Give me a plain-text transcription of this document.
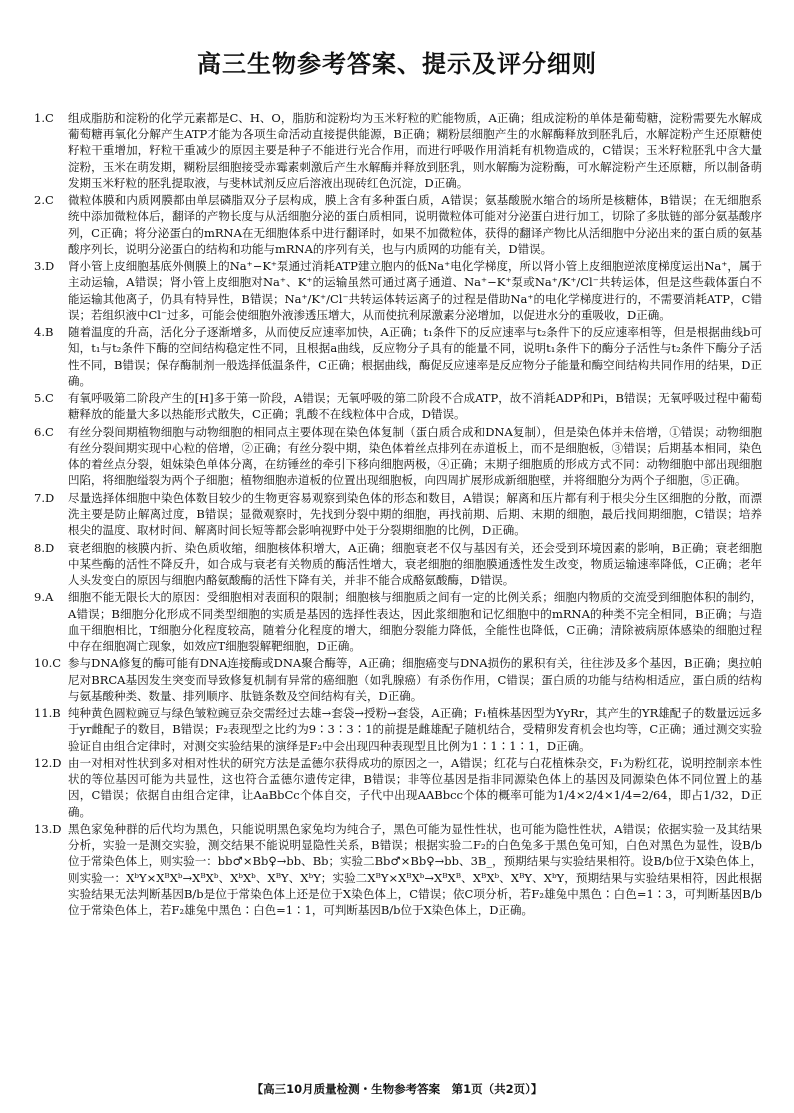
高三生物参考答案、提示及评分细则
1.C 组成脂肪和淀粉的化学元素都是C、H、O，脂肪和淀粉均为玉米籽粒的贮能物质，A正确；组成淀粉的单体是葡萄糖，淀粉需要先水解成葡萄糖再氧化分解产生ATP才能为各项生命活动直接提供能源，B正确；糊粉层细胞产生的水解酶释放到胚乳后，水解淀粉产生还原糖使籽粒干重增加，籽粒干重减少的原因主要是种子不能进行光合作用，而进行呼吸作用消耗有机物造成的，C错误；玉米籽粒胚乳中含大量淀粉，玉米在萌发期，糊粉层细胞接受赤霉素刺激后产生水解酶并释放到胚乳，则水解酶为淀粉酶，可水解淀粉产生还原糖，所以制备萌发期玉米籽粒的胚乳提取液，与斐林试剂反应后溶液出现砖红色沉淀，D正确。
2.C 微粒体膜和内质网膜都由单层磷脂双分子层构成，膜上含有多种蛋白质，A错误；氨基酸脱水缩合的场所是核糖体，B错误；在无细胞系统中添加微粒体后，翻译的产物长度与从活细胞分泌的蛋白质相同，说明微粒体可能对分泌蛋白进行加工，切除了多肽链的部分氨基酸序列，C正确；将分泌蛋白的mRNA在无细胞体系中进行翻译时，如果不加微粒体，获得的翻译产物比从活细胞中分泌出来的蛋白质的氨基酸序列长，说明分泌蛋白的结构和功能与mRNA的序列有关，也与内质网的功能有关，D错误。
3.D 肾小管上皮细胞基底外侧膜上的Na⁺−K⁺泵通过消耗ATP建立胞内的低Na⁺电化学梯度，所以肾小管上皮细胞逆浓度梯度运出Na⁺，属于主动运输，A错误；肾小管上皮细胞对Na⁺、K⁺的运输虽然可通过离子通道、Na⁺−K⁺泵或Na⁺/K⁺/Cl⁻共转运体，但是这些载体蛋白不能运输其他离子，仍具有特异性，B错误；Na⁺/K⁺/Cl⁻共转运体转运离子的过程是借助Na⁺的电化学梯度进行的，不需要消耗ATP，C错误；若组织液中Cl⁻过多，可能会使细胞外液渗透压增大，从而使抗利尿激素分泌增加，以促进水分的重吸收，D正确。
4.B 随着温度的升高，活化分子逐渐增多，从而使反应速率加快，A正确；t₁条件下的反应速率与t₂条件下的反应速率相等，但是根据曲线b可知，t₁与t₂条件下酶的空间结构稳定性不同，且根据a曲线，反应物分子具有的能量不同，说明t₁条件下的酶分子活性与t₂条件下酶分子活性不同，B错误；保存酶制剂一般选择低温条件，C正确；根据曲线，酶促反应速率是反应物分子能量和酶空间结构共同作用的结果，D正确。
5.C 有氧呼吸第二阶段产生的[H]多于第一阶段，A错误；无氧呼吸的第二阶段不合成ATP，故不消耗ADP和Pi，B错误；无氧呼吸过程中葡萄糖释放的能量大多以热能形式散失，C正确；乳酸不在线粒体中合成，D错误。
6.C 有丝分裂间期植物细胞与动物细胞的相同点主要体现在染色体复制（蛋白质合成和DNA复制），但是染色体并未倍增，①错误；动物细胞有丝分裂间期实现中心粒的倍增，②正确；有丝分裂中期，染色体着丝点排列在赤道板上，而不是细胞板，③错误；后期基本相同，染色体的着丝点分裂，姐妹染色单体分离，在纺锤丝的牵引下移向细胞两极，④正确；末期子细胞质的形成方式不同：动物细胞中部出现细胞凹陷，将细胞缢裂为两个子细胞；植物细胞赤道板的位置出现细胞板，向四周扩展形成新细胞壁，并将细胞分为两个子细胞，⑤正确。
7.D 尽量选择体细胞中染色体数目较少的生物更容易观察到染色体的形态和数目，A错误；解离和压片都有利于根尖分生区细胞的分散，而漂洗主要是防止解离过度，B错误；显微观察时，先找到分裂中期的细胞，再找前期、后期、末期的细胞，最后找间期细胞，C错误；培养根尖的温度、取材时间、解离时间长短等都会影响视野中处于分裂期细胞的比例，D正确。
8.D 衰老细胞的核膜内折、染色质收缩，细胞核体积增大，A正确；细胞衰老不仅与基因有关，还会受到环境因素的影响，B正确；衰老细胞中某些酶的活性不降反升，如合成与衰老有关物质的酶活性增大，衰老细胞的细胞膜通透性发生改变，物质运输速率降低，C正确；老年人头发变白的原因与细胞内酪氨酸酶的活性下降有关，并非不能合成酪氨酸酶，D错误。
9.A 细胞不能无限长大的原因：受细胞相对表面积的限制；细胞核与细胞质之间有一定的比例关系；细胞内物质的交流受到细胞体积的制约，A错误；B细胞分化形成不同类型细胞的实质是基因的选择性表达，因此浆细胞和记忆细胞中的mRNA的种类不完全相同，B正确；与造血干细胞相比，T细胞分化程度较高，随着分化程度的增大，细胞分裂能力降低，全能性也降低，C正确；清除被病原体感染的细胞过程中存在细胞凋亡现象，如效应T细胞裂解靶细胞，D正确。
10.C 参与DNA修复的酶可能有DNA连接酶或DNA聚合酶等，A正确；细胞癌变与DNA损伤的累积有关，往往涉及多个基因，B正确；奥拉帕尼对BRCA基因发生突变而导致修复机制有异常的癌细胞（如乳腺癌）有杀伤作用，C错误；蛋白质的功能与结构相适应，蛋白质的结构与氨基酸种类、数量、排列顺序、肽链条数及空间结构有关，D正确。
11.B 纯种黄色圆粒豌豆与绿色皱粒豌豆杂交需经过去雄→套袋→授粉→套袋，A正确；F₁植株基因型为YyRr，其产生的YR雄配子的数量远远多于yr雌配子的数目，B错误；F₂表现型之比约为9∶3∶3∶1的前提是雌雄配子随机结合，受精卵发育机会也均等，C正确；通过测交实验验证自由组合定律时，对测交实验结果的演绎是F₂中会出现四种表现型且比例为1∶1∶1∶1，D正确。
12.D 由一对相对性状到多对相对性状的研究方法是孟德尔获得成功的原因之一，A错误；红花与白花植株杂交，F₁为粉红花，说明控制亲本性状的等位基因可能为共显性，这也符合孟德尔遗传定律，B错误；非等位基因是指非同源染色体上的基因及同源染色体不同位置上的基因，C错误；依据自由组合定律，让AaBbCc个体自交，子代中出现AABbcc个体的概率可能为1/4×2/4×1/4=2/64，即占1/32，D正确。
13.D 黑色家兔种群的后代均为黑色，只能说明黑色家兔均为纯合子，黑色可能为显性性状，也可能为隐性性状，A错误；依据实验一及其结果分析，实验一是测交实验，测交结果不能说明显隐性关系，B错误；根据实验二F₂的白色兔多于黑色兔可知，白色对黑色为显性，设B/b位于常染色体上，则实验一：bb♂×Bb♀→bb、Bb；实验二Bb♂×Bb♀→bb、3B_，预期结果与实验结果相符。设B/b位于X染色体上，则实验一：XᵇY×XᴮXᵇ→XᴮXᵇ、XᵇXᵇ、XᴮY、XᵇY；实验二XᴮY×XᴮXᵇ→XᴮXᴮ、XᴮXᵇ、XᴮY、XᵇY，预期结果与实验结果相符，因此根据实验结果无法判断基因B/b是位于常染色体上还是位于X染色体上，C错误；依C项分析，若F₂雄兔中黑色∶白色=1∶3，可判断基因B/b位于常染色体上，若F₂雄兔中黑色∶白色=1∶1，可判断基因B/b位于X染色体上，D正确。
【高三10月质量检测・生物参考答案　第1页（共2页）】
